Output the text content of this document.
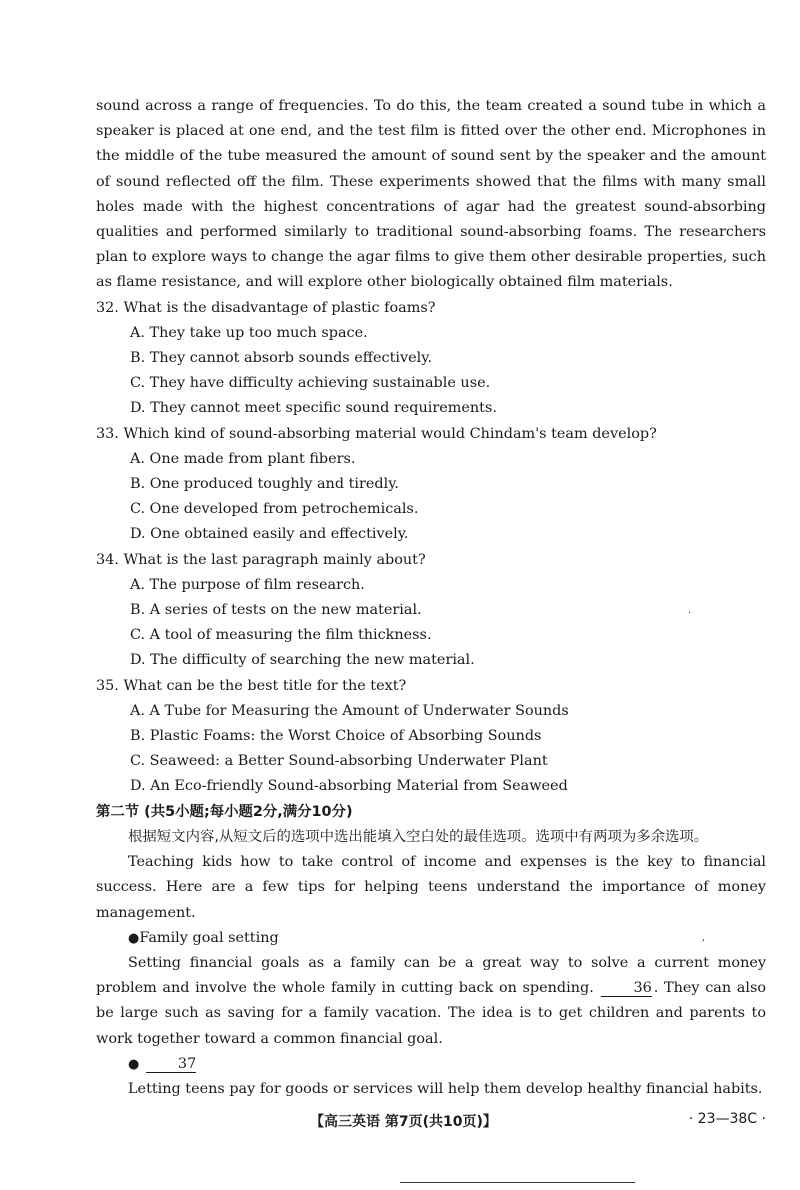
sound across a range of frequencies. To do this, the team created a sound tube in which a speaker is placed at one end, and the test film is fitted over the other end. Microphones in the middle of the tube measured the amount of sound sent by the speaker and the amount of sound reflected off the film. These experiments showed that the films with many small holes made with the highest concentrations of agar had the greatest sound-absorbing qualities and performed similarly to traditional sound-absorbing foams. The researchers plan to explore ways to change the agar films to give them other desirable properties, such as flame resistance, and will explore other biologically obtained film materials.

32. What is the disadvantage of plastic foams?

A. They take up too much space.

B. They cannot absorb sounds effectively.

C. They have difficulty achieving sustainable use.

D. They cannot meet specific sound requirements.

33. Which kind of sound-absorbing material would Chindam's team develop?

A. One made from plant fibers.

B. One produced toughly and tiredly.

C. One developed from petrochemicals.

D. One obtained easily and effectively.

34. What is the last paragraph mainly about?

A. The purpose of film research.

B. A series of tests on the new material.

C. A tool of measuring the film thickness.

D. The difficulty of searching the new material.

35. What can be the best title for the text?

A. A Tube for Measuring the Amount of Underwater Sounds

B. Plastic Foams: the Worst Choice of Absorbing Sounds

C. Seaweed: a Better Sound-absorbing Underwater Plant

D. An Eco-friendly Sound-absorbing Material from Seaweed

第二节 (共5小题;每小题2分,满分10分)

根据短文内容,从短文后的选项中选出能填入空白处的最佳选项。选项中有两项为多余选项。

Teaching kids how to take control of income and expenses is the key to financial success. Here are a few tips for helping teens understand the importance of money management.

●Family goal setting

Setting financial goals as a family can be a great way to solve a current money problem and involve the whole family in cutting back on spending.	36 . They can also be large such as saving for a family vacation. The idea is to get children and parents to work together toward a common financial goal.

●	37

Letting teens pay for goods or services will help them develop healthy financial habits.

【高三英语 第7页(共10页)】	· 23—38C ·
·
,
